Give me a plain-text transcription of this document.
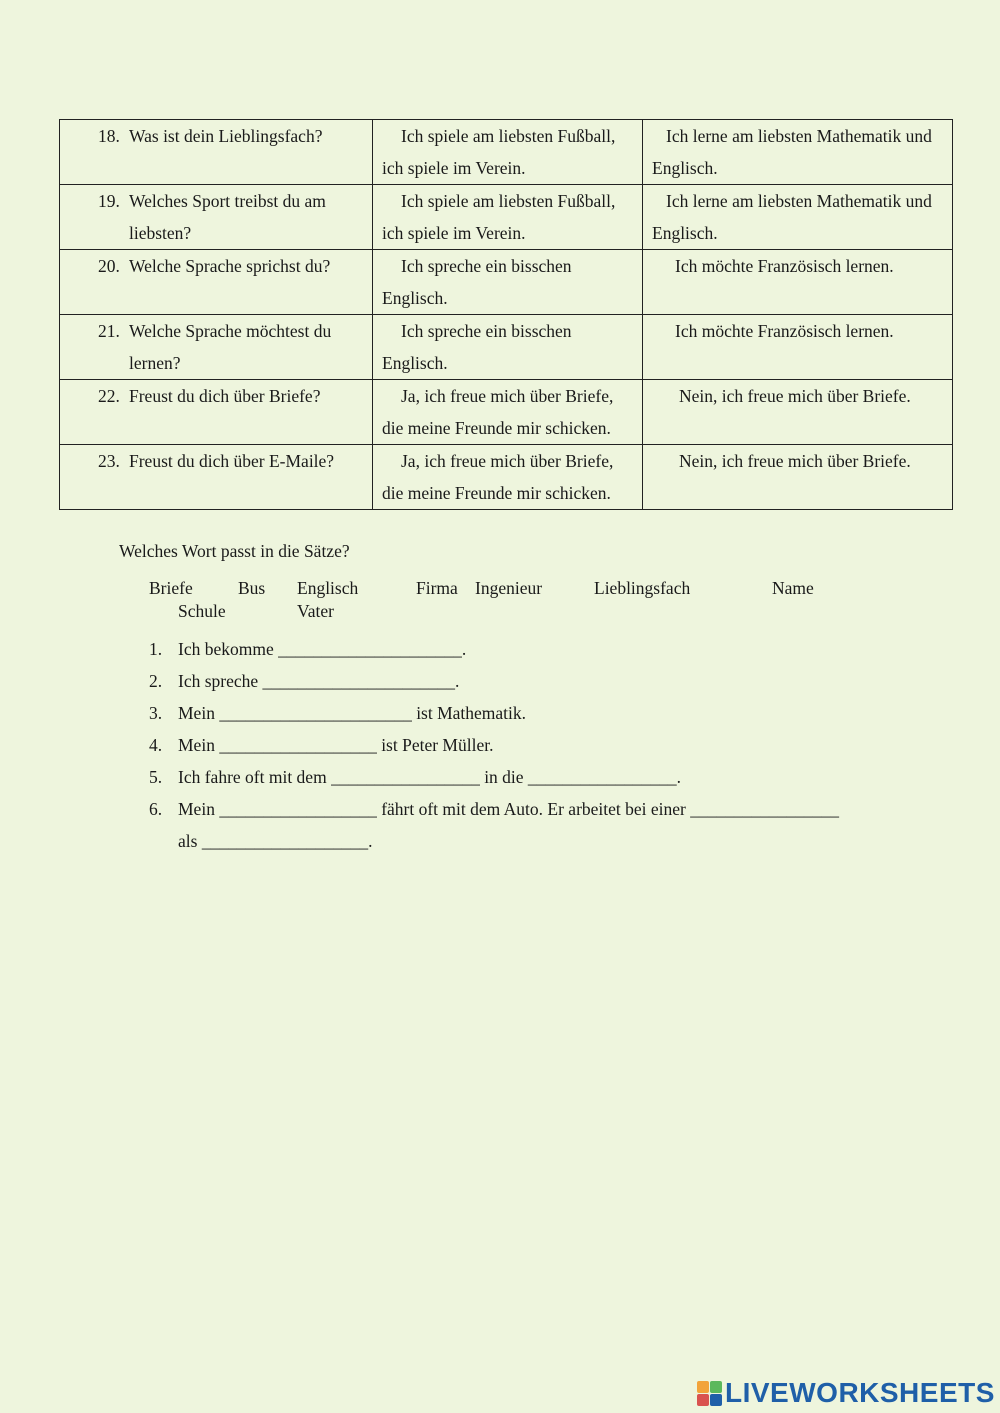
18. Was ist dein Lieblingsfach?	Ich spiele am liebsten Fußball, ich spiele im Verein.	Ich lerne am liebsten Mathematik und Englisch.

19. Welches Sport treibst du am liebsten?	Ich spiele am liebsten Fußball, ich spiele im Verein.	Ich lerne am liebsten Mathematik und Englisch.

20. Welche Sprache sprichst du?	Ich spreche ein bisschen Englisch.	Ich möchte Französisch lernen.

21. Welche Sprache möchtest du lernen?	Ich spreche ein bisschen Englisch.	Ich möchte Französisch lernen.

22. Freust du dich über Briefe?	Ja, ich freue mich über Briefe, die meine Freunde mir schicken.	Nein, ich freue mich über Briefe.

23. Freust du dich über E-Maile?	Ja, ich freue mich über Briefe, die meine Freunde mir schicken.	Nein, ich freue mich über Briefe.
Welches Wort passt in die Sätze?
Briefe	Bus Englisch	Firma Ingenieur	Lieblingsfach	Name
Schule	Vater
1. Ich bekomme _____________________.
2. Ich spreche ______________________.
3. Mein ______________________ ist Mathematik.
4. Mein __________________ ist Peter Müller.
5. Ich fahre oft mit dem _________________ in die _________________.
6. Mein __________________ fährt oft mit dem Auto. Er arbeitet bei einer _________________
als ___________________.
LIVEWORKSHEETS
